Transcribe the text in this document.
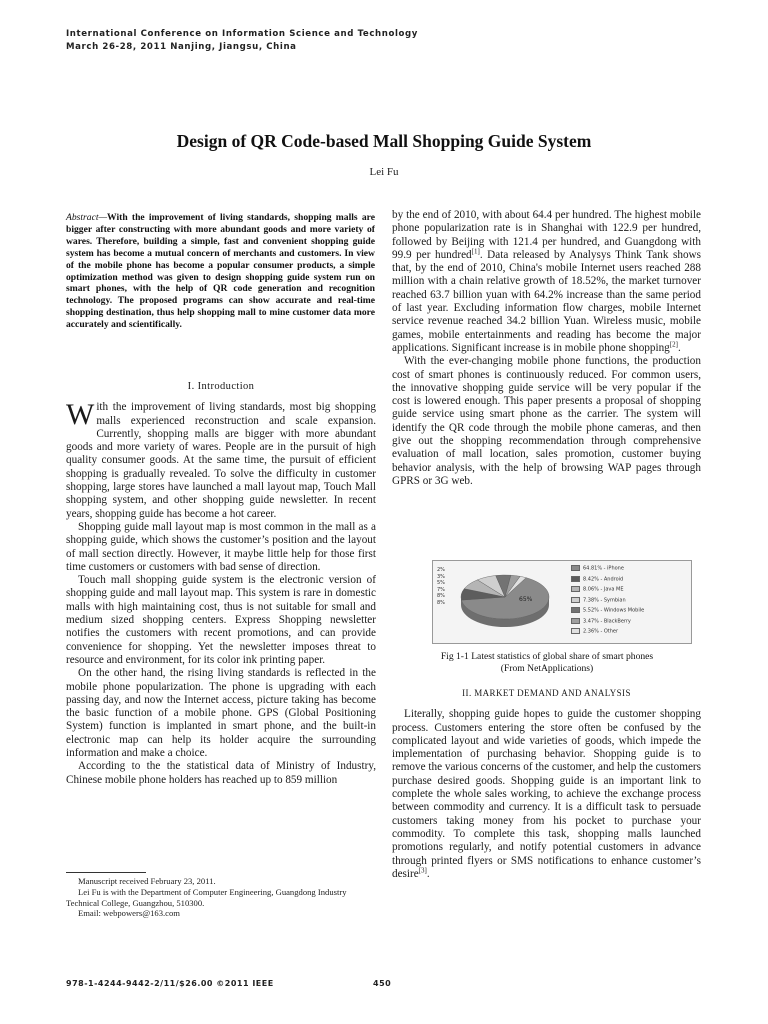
International Conference on Information Science and Technology
March 26-28, 2011 Nanjing, Jiangsu, China
Design of QR Code-based Mall Shopping Guide System
Lei Fu
Abstract—With the improvement of living standards, shopping malls are bigger after constructing with more abundant goods and more variety of wares. Therefore, building a simple, fast and convenient shopping guide system has become a mutual concern of merchants and customers. In view of the mobile phone has become a popular consumer products, a simple optimization method was given to design shopping guide system run on smart phones, with the help of QR code generation and recognition technology. The proposed programs can show accurate and real-time shopping destination, thus help shopping mall to mine customer data more accurately and scientifically.

I. Introduction

With the improvement of living standards, most big shopping malls experienced reconstruction and scale expansion. Currently, shopping malls are bigger with more abundant goods and more variety of wares. People are in the pursuit of high quality consumer goods. At the same time, the pursuit of efficient shopping is gradually revealed. To solve the difficulty in customer shopping, large stores have launched a mall layout map, Touch Mall shopping system, and other shopping guide newsletter. In recent years, shopping guide has become a hot career.

Shopping guide mall layout map is most common in the mall as a shopping guide, which shows the customer’s position and the layout of mall section directly. However, it maybe little help for those first time customers or customers with bad sense of direction.

Touch mall shopping guide system is the electronic version of shopping guide and mall layout map. This system is rare in domestic malls with high maintaining cost, thus is not suitable for small and medium sized shopping centers. Express Shopping newsletter notifies the customers with recent promotions, and can provide convenience for shopping. Yet the newsletter imposes threat to resource and environment, for its color ink printing paper.

On the other hand, the rising living standards is reflected in the mobile phone popularization. The phone is upgrading with each passing day, and now the Internet access, picture taking has become the basic function of a mobile phone. GPS (Global Positioning System) function is implanted in smart phone, and the built-in electronic map can help its holder acquire the surrounding information and make a choice.

According to the the statistical data of Ministry of Industry, Chinese mobile phone holders has reached up to 859 million

Manuscript received February 23, 2011.

Lei Fu is with the Department of Computer Engineering, Guangdong Industry Technical College, Guangzhou, 510300.

Email: webpowers@163.com

by the end of 2010, with about 64.4 per hundred. The highest mobile phone popularization rate is in Shanghai with 122.9 per hundred, followed by Beijing with 121.4 per hundred, and Guangdong with 99.9 per hundred[1]. Data released by Analysys Think Tank shows that, by the end of 2010, China's mobile Internet users reached 288 million with a chain relative growth of 18.52%, the market turnover reached 63.7 billion yuan with 64.2% increase than the same period of last year. Excluding information flow charges, mobile Internet service revenue reached 34.2 billion Yuan. Wireless music, mobile games, mobile entertainments and reading has become the major applications. Significant increase is in mobile phone shopping[2].

With the ever-changing mobile phone functions, the production cost of smart phones is continuously reduced. For common users, the innovative shopping guide service will be very popular if the cost is lowered enough. This paper presents a proposal of shopping guide service using smart phone as the carrier. The system will identify the QR code through the mobile phone cameras, and then give out the shopping recommendation through comprehensive evaluation of mall location, sales promotion, customer buying behavior analysis, with the help of browsing WAP pages through GPRS or 3G web.

65%
2%
3%
5%
7%
8%
8%
64.81% - iPhone
8.42% - Android
8.06% - Java ME
7.38% - Symbian
5.52% - Windows Mobile
3.47% - BlackBerry
2.36% - Other
Fig 1-1 Latest statistics of global share of smart phones
(From NetApplications)

II. MARKET DEMAND AND ANALYSIS

Literally, shopping guide hopes to guide the customer shopping process. Customers entering the store often be confused by the complicated layout and wide varieties of goods, which impede the implementation of purchasing behavior. Shopping guide is to remove the various concerns of the customer, and help the customers purchase desired goods. Shopping guide is an important link to complete the whole sales working, to achieve the exchange process between commodity and currency. It is a difficult task to persuade customers taking money from his pocket to purchase your commodity. To complete this task, shopping malls launched promotions regularly, and notify potential customers in advance through printed flyers or SMS notifications to enhance customer’s desire[3].

978-1-4244-9442-2/11/$26.00 ©2011 IEEE	450
